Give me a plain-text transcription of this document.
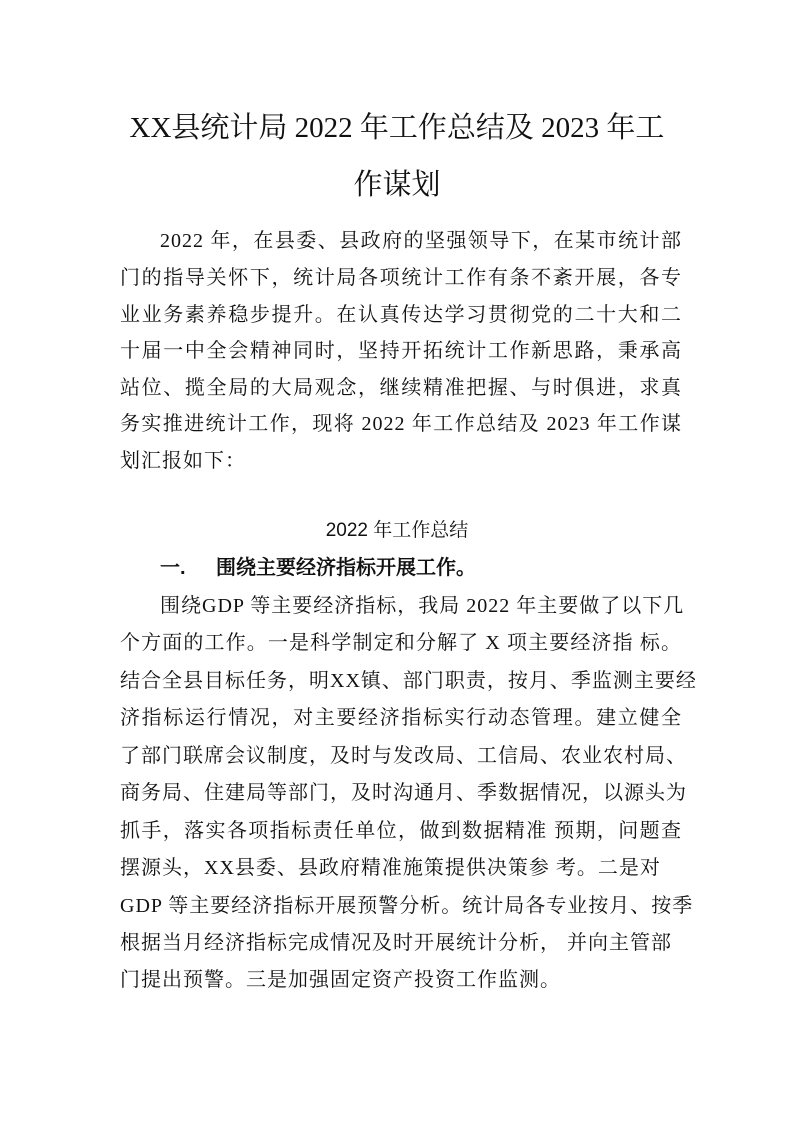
XX县统计局 2022 年工作总结及 2023 年工
作谋划
2022 年，在县委、县政府的坚强领导下，在某市统计部
门的指导关怀下，统计局各项统计工作有条不紊开展，各专
业业务素养稳步提升。在认真传达学习贯彻党的二十大和二
十届一中全会精神同时，坚持开拓统计工作新思路，秉承高
站位、揽全局的大局观念，继续精准把握、与时俱进，求真
务实推进统计工作，现将 2022 年工作总结及 2023 年工作谋
划汇报如下：
2022 年工作总结
一. 围绕主要经济指标开展工作。
围绕GDP 等主要经济指标，我局 2022 年主要做了以下几
个方面的工作。一是科学制定和分解了 X 项主要经济指 标。
结合全县目标任务，明XX镇、部门职责，按月、季监测主要经
济指标运行情况，对主要经济指标实行动态管理。建立健全
了部门联席会议制度，及时与发改局、工信局、农业农村局、
商务局、住建局等部门，及时沟通月、季数据情况，以源头为
抓手，落实各项指标责任单位，做到数据精准 预期，问题查
摆源头，XX县委、县政府精准施策提供决策参 考。二是对
GDP 等主要经济指标开展预警分析。统计局各专业按月、按季
根据当月经济指标完成情况及时开展统计分析， 并向主管部
门提出预警。三是加强固定资产投资工作监测。
